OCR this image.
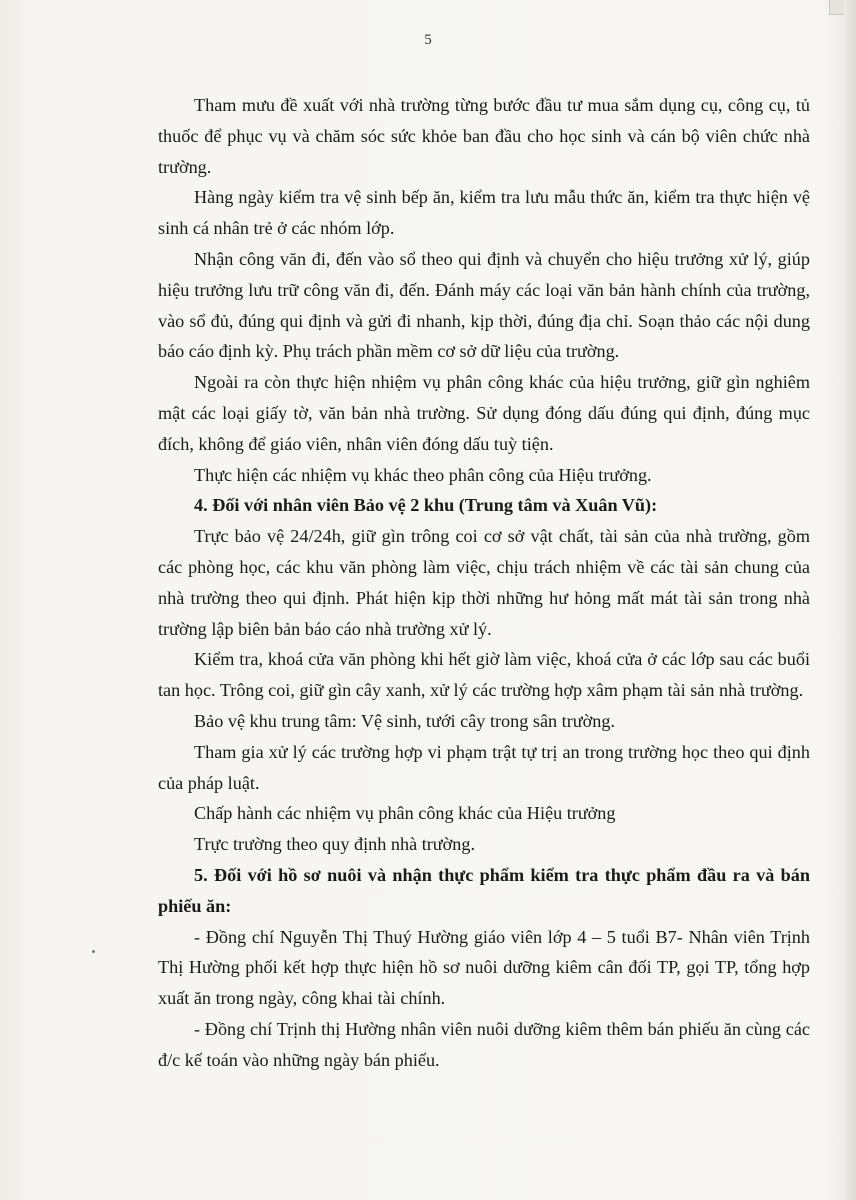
5

Tham mưu đề xuất với nhà trường từng bước đầu tư mua sắm dụng cụ, công cụ, tủ thuốc để phục vụ và chăm sóc sức khỏe ban đầu cho học sinh và cán bộ viên chức nhà trường.

Hàng ngày kiểm tra vệ sinh bếp ăn, kiểm tra lưu mẫu thức ăn, kiểm tra thực hiện vệ sinh cá nhân trẻ ở các nhóm lớp.

Nhận công văn đi, đến vào sổ theo qui định và chuyển cho hiệu trưởng xử lý, giúp hiệu trưởng lưu trữ công văn đi, đến. Đánh máy các loại văn bản hành chính của trường, vào sổ đủ, đúng qui định và gửi đi nhanh, kịp thời, đúng địa chỉ. Soạn thảo các nội dung báo cáo định kỳ. Phụ trách phần mềm cơ sở dữ liệu của trường.

Ngoài ra còn thực hiện nhiệm vụ phân công khác của hiệu trưởng, giữ gìn nghiêm mật các loại giấy tờ, văn bản nhà trường. Sử dụng đóng dấu đúng qui định, đúng mục đích, không để giáo viên, nhân viên đóng dấu tuỳ tiện.

Thực hiện các nhiệm vụ khác theo phân công của Hiệu trưởng.

4. Đối với nhân viên Bảo vệ 2 khu (Trung tâm và Xuân Vũ):

Trực bảo vệ 24/24h, giữ gìn trông coi cơ sở vật chất, tài sản của nhà trường, gồm các phòng học, các khu văn phòng làm việc, chịu trách nhiệm về các tài sản chung của nhà trường theo qui định. Phát hiện kịp thời những hư hỏng mất mát tài sản trong nhà trường lập biên bản báo cáo nhà trường xử lý.

Kiểm tra, khoá cửa văn phòng khi hết giờ làm việc, khoá cửa ở các lớp sau các buổi tan học. Trông coi, giữ gìn cây xanh, xử lý các trường hợp xâm phạm tài sản nhà trường.

Bảo vệ khu trung tâm: Vệ sinh, tưới cây trong sân trường.

Tham gia xử lý các trường hợp vi phạm trật tự trị an trong trường học theo qui định của pháp luật.

Chấp hành các nhiệm vụ phân công khác của Hiệu trưởng

Trực trường theo quy định nhà trường.

5. Đối với hồ sơ nuôi và nhận thực phẩm kiểm tra thực phẩm đầu ra và bán phiếu ăn:

- Đồng chí Nguyễn Thị Thuý Hường giáo viên lớp 4 – 5 tuổi B7- Nhân viên Trịnh Thị Hường phối kết hợp thực hiện hồ sơ nuôi dưỡng kiêm cân đối TP, gọi TP, tổng hợp xuất ăn trong ngày, công khai tài chính.

- Đồng chí Trịnh thị Hường nhân viên nuôi dưỡng kiêm thêm bán phiếu ăn cùng các đ/c kế toán vào những ngày bán phiếu.
